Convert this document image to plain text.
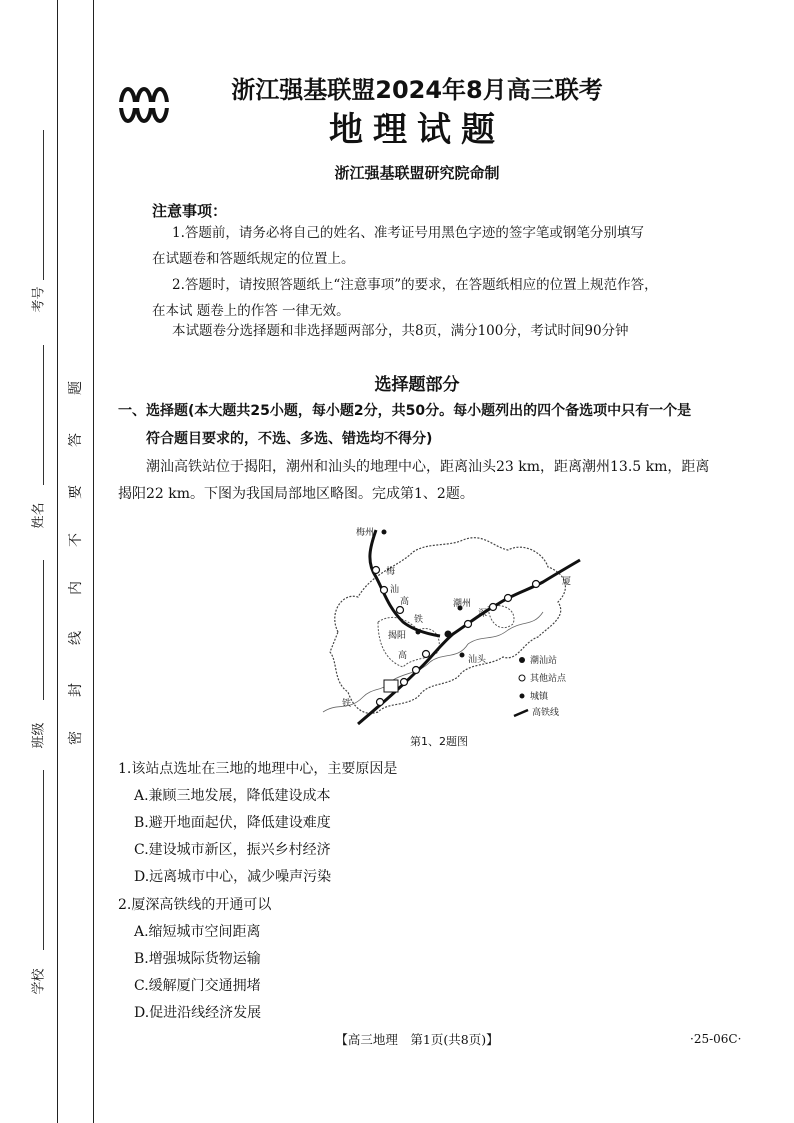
考号
姓名
班级
学校
题
答
要
不
内
线
封
密
浙江强基联盟2024年8月高三联考
地理试题
浙江强基联盟研究院命制
注意事项：
1.答题前，请务必将自己的姓名、准考证号用黑色字迹的签字笔或钢笔分别填写
在试题卷和答题纸规定的位置上。
2.答题时，请按照答题纸上“注意事项”的要求，在答题纸相应的位置上规范作答，
在本试 题卷上的作答 一律无效。
本试题卷分选择题和非选择题两部分，共8页，满分100分，考试时间90分钟
选择题部分
一、选择题(本大题共25小题，每小题2分，共50分。每小题列出的四个备选项中只有一个是
符合题目要求的，不选、多选、错选均不得分)
潮汕高铁站位于揭阳，潮州和汕头的地理中心，距离汕头23 km，距离潮州13.5 km，距离
揭阳22 km。下图为我国局部地区略图。完成第1、2题。
梅州
潮州
揭阳
汕头
梅
汕
高
铁
厦
深
高
铁
潮汕站
其他站点
城镇
高铁线
第1、2题图
1.该站点选址在三地的地理中心，主要原因是
A.兼顾三地发展，降低建设成本
B.避开地面起伏，降低建设难度
C.建设城市新区，振兴乡村经济
D.远离城市中心，减少噪声污染
2.厦深高铁线的开通可以
A.缩短城市空间距离
B.增强城际货物运输
C.缓解厦门交通拥堵
D.促进沿线经济发展
【高三地理　第1页(共8页)】	·25-06C·
